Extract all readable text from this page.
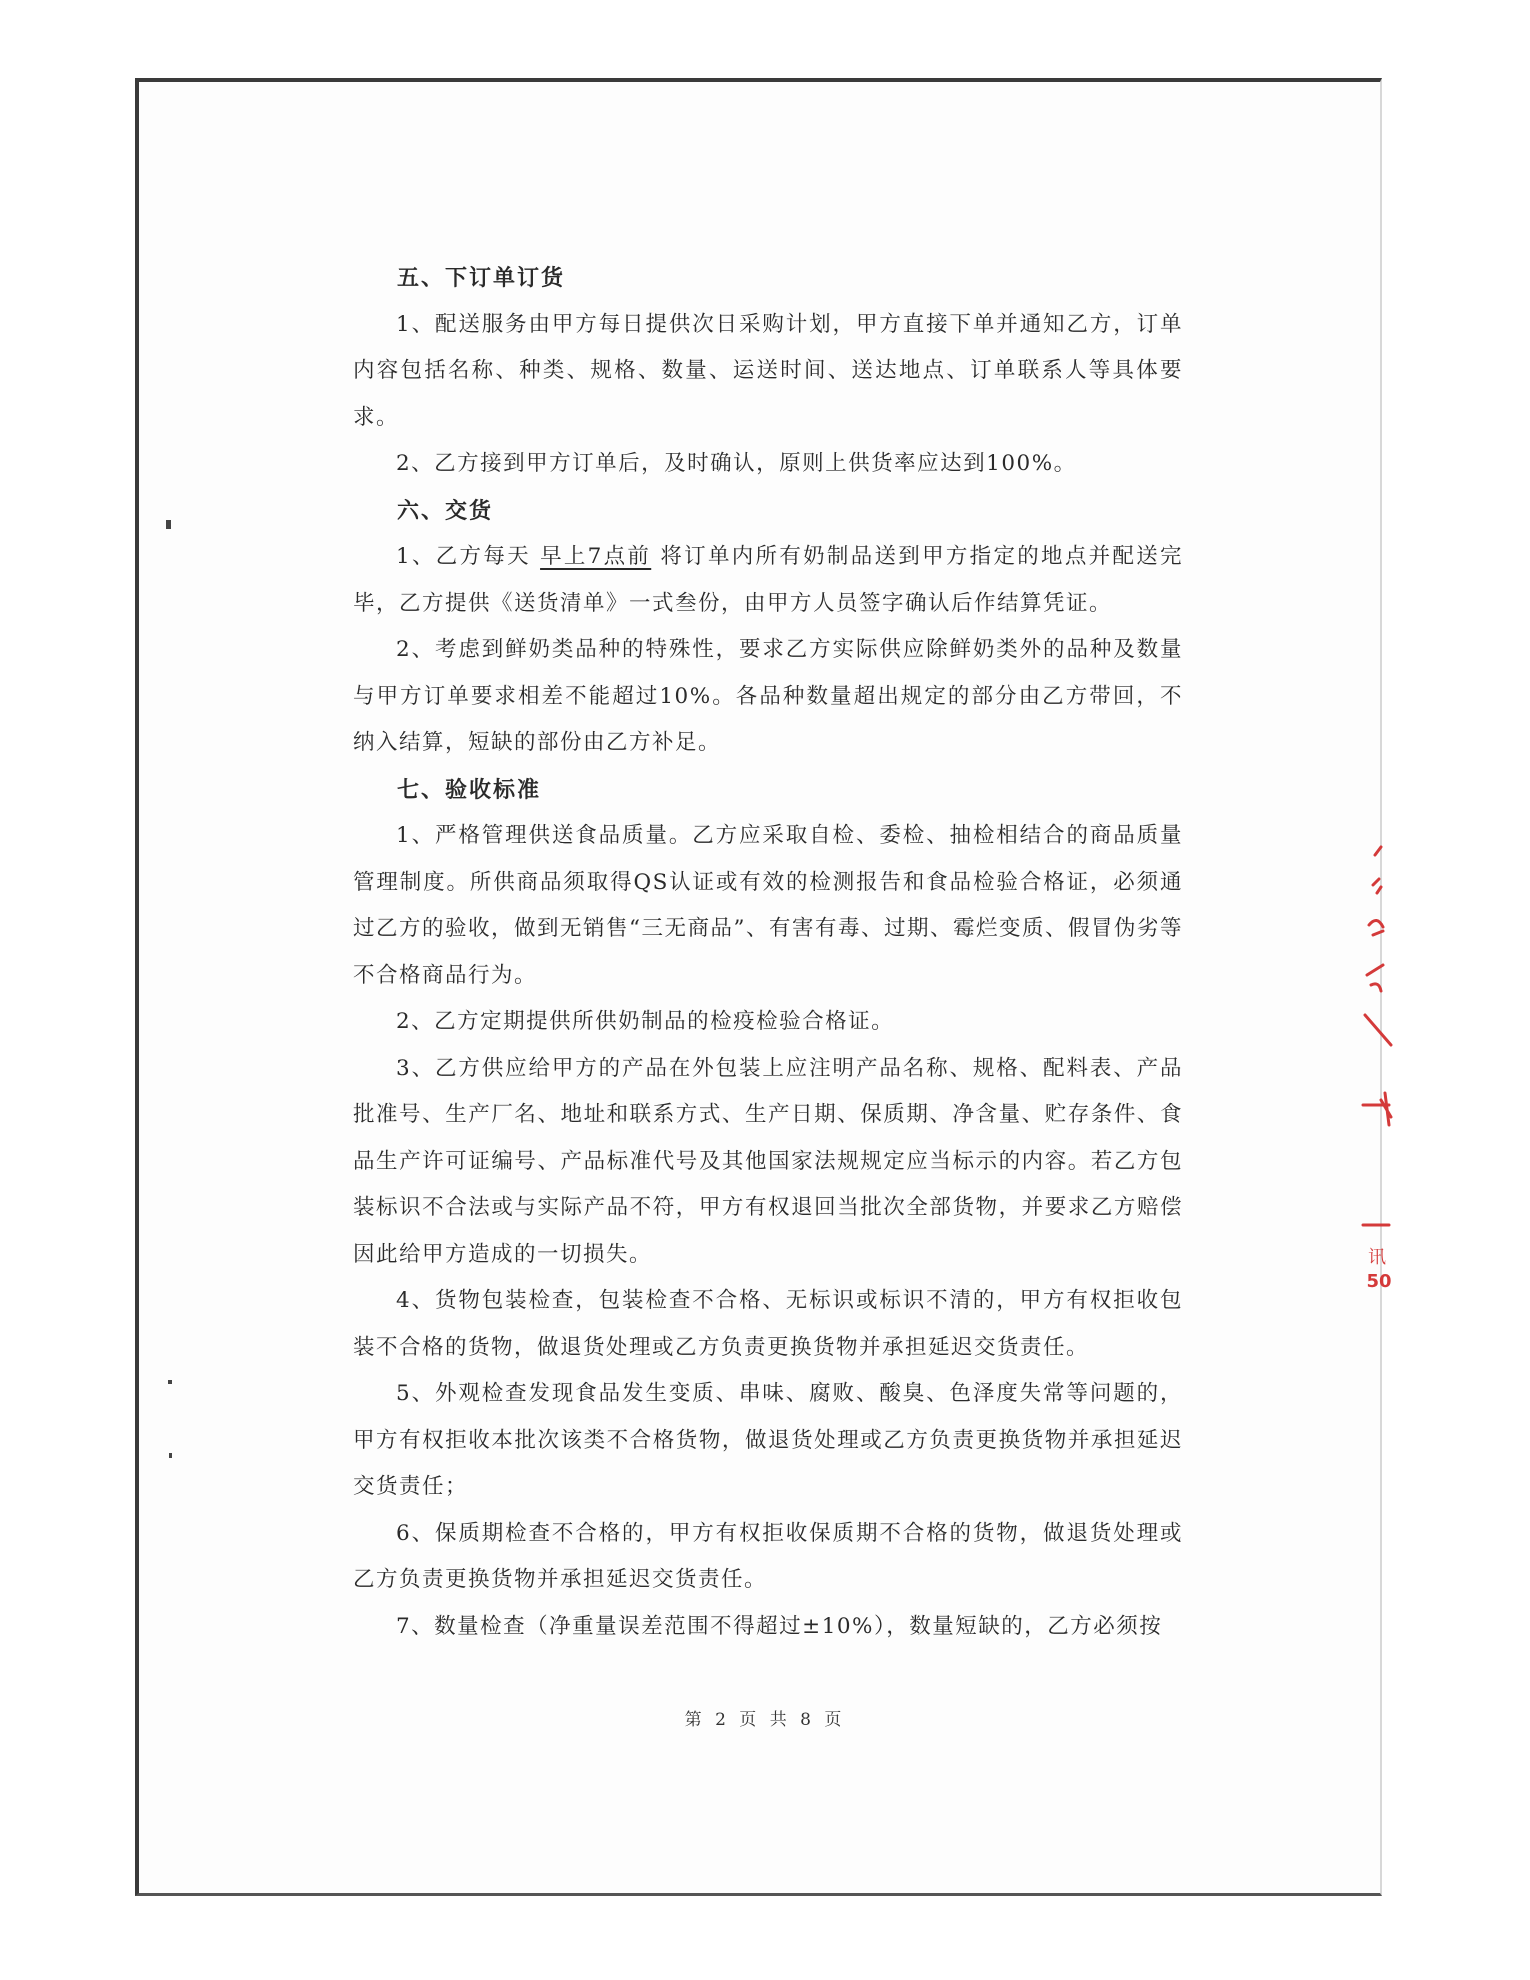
五、下订单订货

1、配送服务由甲方每日提供次日采购计划，甲方直接下单并通知乙方，订单内容包括名称、种类、规格、数量、运送时间、送达地点、订单联系人等具体要求。

2、乙方接到甲方订单后，及时确认，原则上供货率应达到100%。

六、交货

1、乙方每天 早上7点前 将订单内所有奶制品送到甲方指定的地点并配送完毕，乙方提供《送货清单》一式叁份，由甲方人员签字确认后作结算凭证。

2、考虑到鲜奶类品种的特殊性，要求乙方实际供应除鲜奶类外的品种及数量与甲方订单要求相差不能超过10%。各品种数量超出规定的部分由乙方带回，不纳入结算，短缺的部份由乙方补足。

七、验收标准

1、严格管理供送食品质量。乙方应采取自检、委检、抽检相结合的商品质量管理制度。所供商品须取得QS认证或有效的检测报告和食品检验合格证，必须通过乙方的验收，做到无销售“三无商品”、有害有毒、过期、霉烂变质、假冒伪劣等不合格商品行为。

2、乙方定期提供所供奶制品的检疫检验合格证。

3、乙方供应给甲方的产品在外包装上应注明产品名称、规格、配料表、产品批准号、生产厂名、地址和联系方式、生产日期、保质期、净含量、贮存条件、食品生产许可证编号、产品标准代号及其他国家法规规定应当标示的内容。若乙方包装标识不合法或与实际产品不符，甲方有权退回当批次全部货物，并要求乙方赔偿因此给甲方造成的一切损失。

4、货物包装检查，包装检查不合格、无标识或标识不清的，甲方有权拒收包装不合格的货物，做退货处理或乙方负责更换货物并承担延迟交货责任。

5、外观检查发现食品发生变质、串味、腐败、酸臭、色泽度失常等问题的，甲方有权拒收本批次该类不合格货物，做退货处理或乙方负责更换货物并承担延迟交货责任；

6、保质期检查不合格的，甲方有权拒收保质期不合格的货物，做退货处理或乙方负责更换货物并承担延迟交货责任。

7、数量检查（净重量误差范围不得超过±10%），数量短缺的，乙方必须按

第 2 页 共 8 页
讯
50
